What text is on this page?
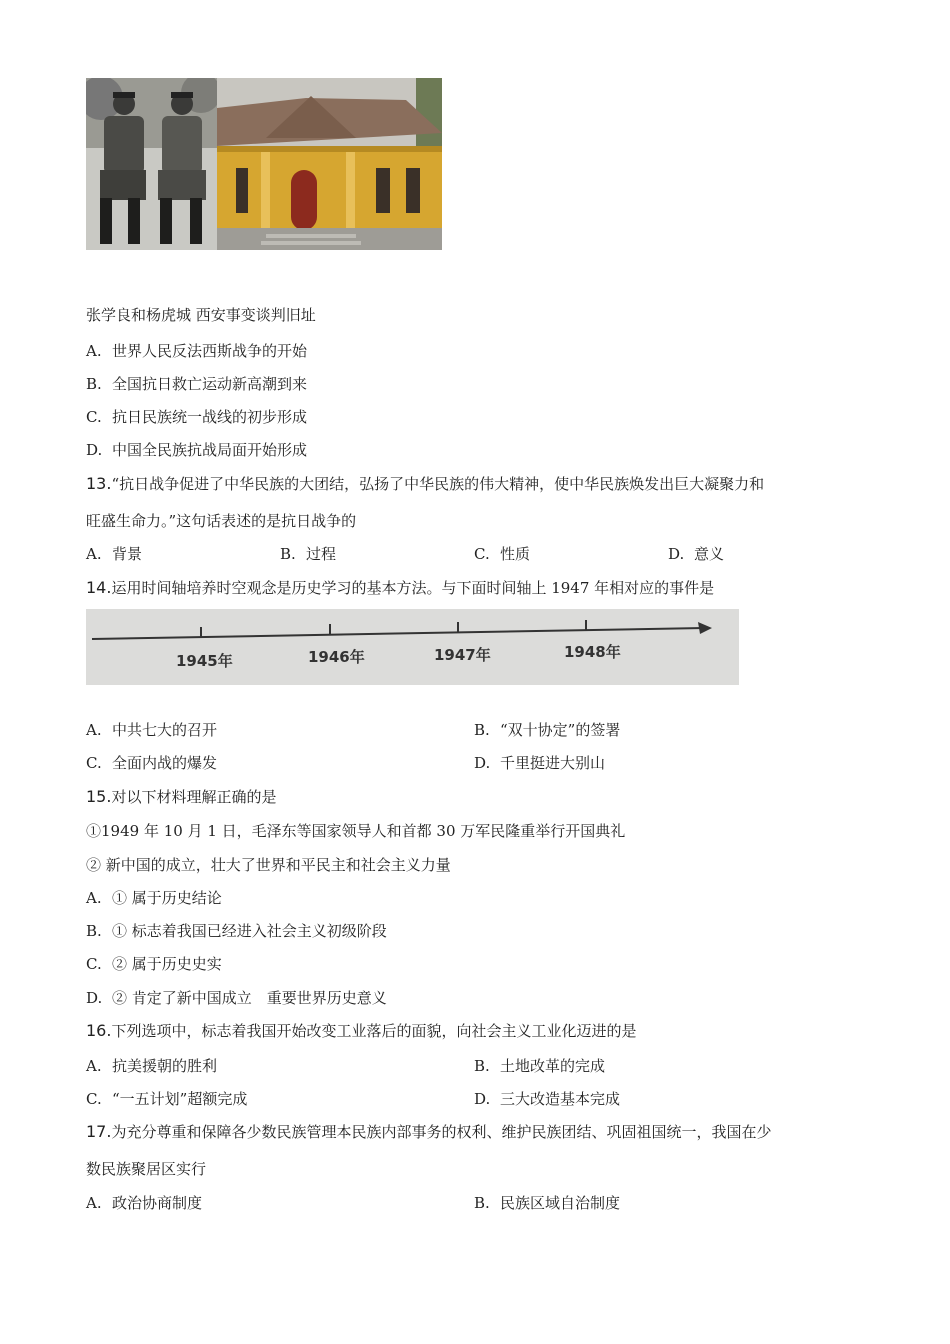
张学良和杨虎城 西安事变谈判旧址
A. 世界人民反法西斯战争的开始
B. 全国抗日救亡运动新高潮到来
C. 抗日民族统一战线的初步形成
D. 中国全民族抗战局面开始形成
13.“抗日战争促进了中华民族的大团结，弘扬了中华民族的伟大精神，使中华民族焕发出巨大凝聚力和
旺盛生命力。”这句话表述的是抗日战争的
A. 背景	B. 过程	C. 性质	D. 意义
14.运用时间轴培养时空观念是历史学习的基本方法。与下面时间轴上 1947 年相对应的事件是
1945年	1946年	1947年	1948年
A. 中共七大的召开	B. “双十协定”的签署
C. 全面内战的爆发	D. 千里挺进大别山
15.对以下材料理解正确的是
①1949 年 10 月 1 日，毛泽东等国家领导人和首都 30 万军民隆重举行开国典礼
② 新中国的成立，壮大了世界和平民主和社会主义力量
A. ① 属于历史结论
B. ① 标志着我国已经进入社会主义初级阶段
C. ② 属于历史史实
D. ② 肯定了新中国成立　重要世界历史意义
16.下列选项中，标志着我国开始改变工业落后的面貌，向社会主义工业化迈进的是
A. 抗美援朝的胜利	B. 土地改革的完成
C. “一五计划”超额完成	D. 三大改造基本完成
17.为充分尊重和保障各少数民族管理本民族内部事务的权利、维护民族团结、巩固祖国统一，我国在少
数民族聚居区实行
A. 政治协商制度	B. 民族区域自治制度
